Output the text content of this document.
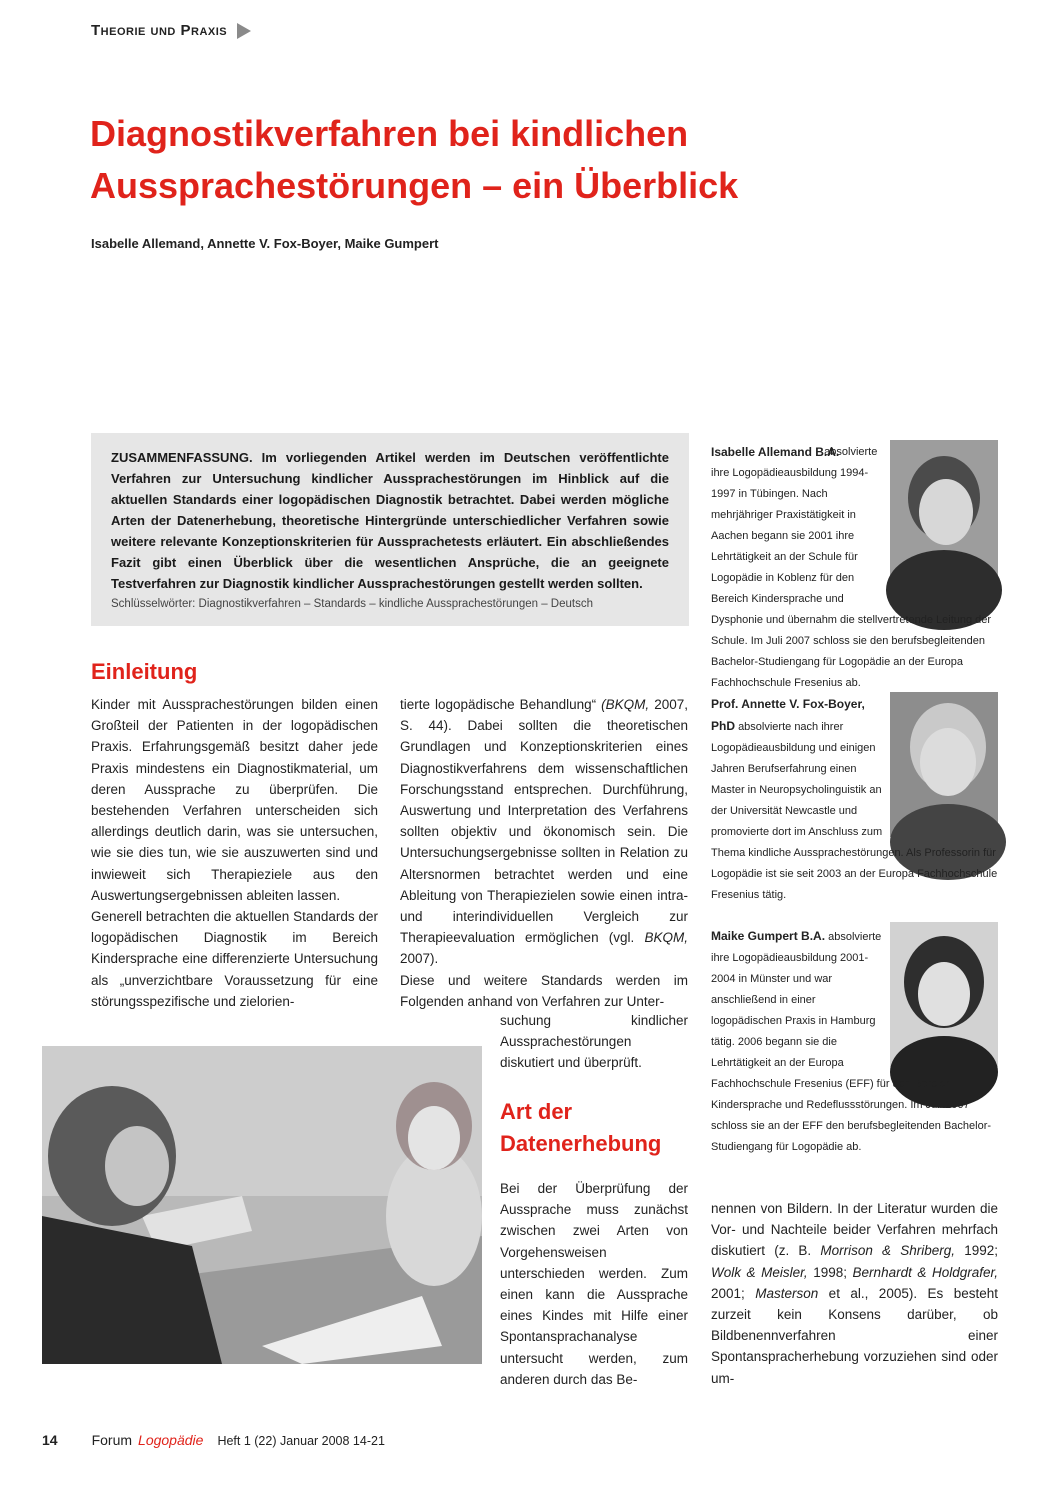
Theorie und Praxis
Diagnostikverfahren bei kindlichen
Aussprachestörungen – ein Überblick
Isabelle Allemand, Annette V. Fox-Boyer, Maike Gumpert

ZUSAMMENFASSUNG. Im vorliegenden Artikel werden im Deutschen veröffentlichte Verfahren zur Untersuchung kindlicher Aussprachestörungen im Hinblick auf die aktuellen Standards einer logopädischen Diagnostik betrachtet. Dabei werden mögliche Arten der Datenerhebung, theoretische Hintergründe unterschiedlicher Verfahren sowie weitere relevante Konzeptionskriterien für Aussprachetests erläutert. Ein abschließendes Fazit gibt einen Überblick über die wesentlichen Ansprüche, die an geeignete Testverfahren zur Diagnostik kindlicher Aussprachestörungen gestellt werden sollten.

Schlüsselwörter: Diagnostikverfahren – Standards – kindliche Aussprachestörungen – Deutsch

Isabelle Allemand B.A.
absolvierte ihre Logopädieausbildung 1994-1997 in Tübingen. Nach mehrjähriger Praxistätigkeit in Aachen begann sie 2001 ihre Lehrtätigkeit an der Schule für Logopädie in Koblenz für den Bereich Kindersprache und Dysphonie und übernahm die stellvertretende Leitung der Schule. Im Juli 2007 schloss sie den berufsbegleitenden Bachelor-Studiengang für Logopädie an der Europa Fachhochschule Fresenius ab.
Prof. Annette V. Fox-Boyer, PhD absolvierte nach ihrer Logopädieausbildung und einigen Jahren Berufserfahrung einen Master in Neuropsycholinguistik an der Universität Newcastle und promovierte dort im Anschluss zum Thema kindliche Aussprachestörungen. Als Professorin für Logopädie ist sie seit 2003 an der Europa Fachhochschule Fresenius tätig.
Maike Gumpert B.A. absolvierte ihre Logopädieausbildung 2001-2004 in Münster und war anschließend in einer logopädischen Praxis in Hamburg tätig. 2006 begann sie die Lehrtätigkeit an der Europa Fachhochschule Fresenius (EFF) für den Bereich Kindersprache und Redeflussstörungen. Im Juli 2007 schloss sie an der EFF den berufsbegleitenden Bachelor-Studiengang für Logopädie ab.
Einleitung

Kinder mit Aussprachestörungen bilden einen Großteil der Patienten in der logopädischen Praxis. Erfahrungsgemäß besitzt daher jede Praxis mindestens ein Diagnostikmaterial, um deren Aussprache zu überprüfen. Die bestehenden Verfahren unterscheiden sich allerdings deutlich darin, was sie untersuchen, wie sie dies tun, wie sie auszuwerten sind und inwieweit sich Therapieziele aus den Auswertungsergebnissen ableiten lassen.

Generell betrachten die aktuellen Standards der logopädischen Diagnostik im Bereich Kindersprache eine differenzierte Untersuchung als „unverzichtbare Voraussetzung für eine störungsspezifische und zielorien-

tierte logopädische Behandlung“ (BKQM, 2007, S. 44). Dabei sollten die theoretischen Grundlagen und Konzeptionskriterien eines Diagnostikverfahrens dem wissenschaftlichen Forschungsstand entsprechen. Durchführung, Auswertung und Interpretation des Verfahrens sollten objektiv und ökonomisch sein. Die Untersuchungsergebnisse sollten in Relation zu Altersnormen betrachtet werden und eine Ableitung von Therapiezielen sowie einen intra- und interindividuellen Vergleich zur Therapieevaluation ermöglichen (vgl. BKQM, 2007).

Diese und weitere Standards werden im Folgenden anhand von Verfahren zur Unter-

suchung kindlicher Aussprachestörungen diskutiert und überprüft.

Art der
Datenerhebung

Bei der Überprüfung der Aussprache muss zunächst zwischen zwei Arten von Vorgehensweisen unterschieden werden. Zum einen kann die Aussprache eines Kindes mit Hilfe einer Spontansprachanalyse untersucht werden, zum anderen durch das Be-

nennen von Bildern. In der Literatur wurden die Vor- und Nachteile beider Verfahren mehrfach diskutiert (z. B. Morrison & Shriberg, 1992; Wolk & Meisler, 1998; Bernhardt & Holdgrafer, 2001; Masterson et al., 2005). Es besteht zurzeit kein Konsens darüber, ob Bildbenennverfahren einer Spontanspracherhebung vorzuziehen sind oder um-

14 Forum Logopädie Heft 1 (22) Januar 2008 14-21
